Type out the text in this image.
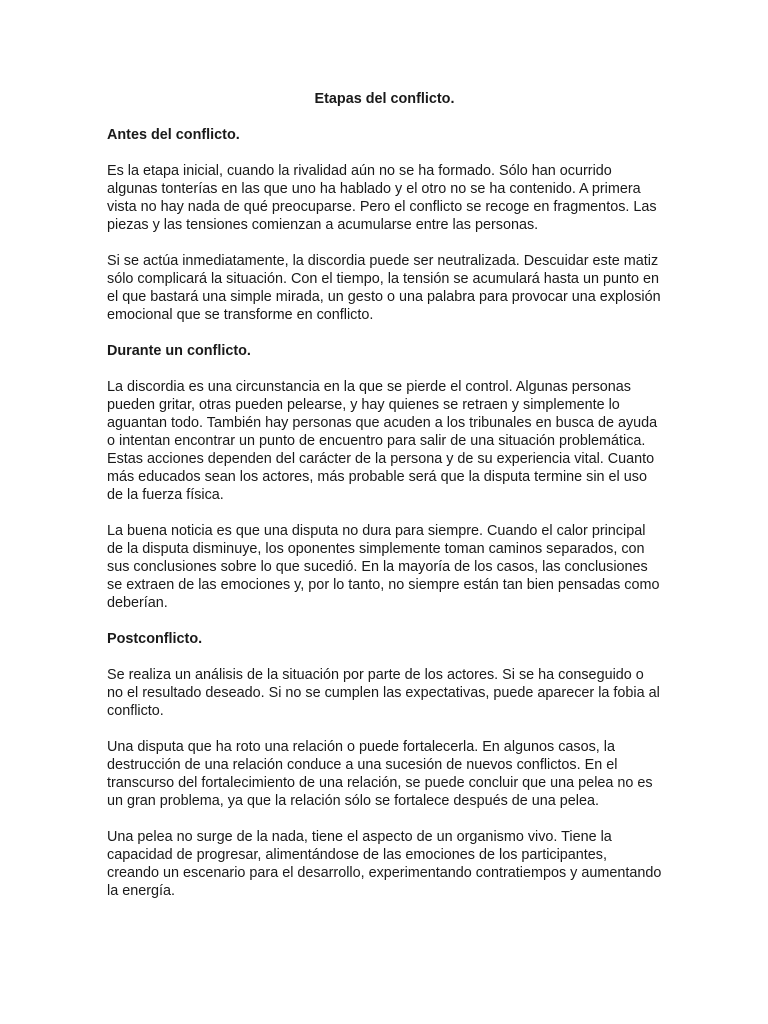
Etapas del conflicto.
Antes del conflicto.

Es la etapa inicial, cuando la rivalidad aún no se ha formado. Sólo han ocurrido algunas tonterías en las que uno ha hablado y el otro no se ha contenido. A primera vista no hay nada de qué preocuparse. Pero el conflicto se recoge en fragmentos. Las piezas y las tensiones comienzan a acumularse entre las personas.

Si se actúa inmediatamente, la discordia puede ser neutralizada. Descuidar este matiz sólo complicará la situación. Con el tiempo, la tensión se acumulará hasta un punto en el que bastará una simple mirada, un gesto o una palabra para provocar una explosión emocional que se transforme en conflicto.

Durante un conflicto.

La discordia es una circunstancia en la que se pierde el control. Algunas personas pueden gritar, otras pueden pelearse, y hay quienes se retraen y simplemente lo aguantan todo. También hay personas que acuden a los tribunales en busca de ayuda o intentan encontrar un punto de encuentro para salir de una situación problemática. Estas acciones dependen del carácter de la persona y de su experiencia vital. Cuanto más educados sean los actores, más probable será que la disputa termine sin el uso de la fuerza física.

La buena noticia es que una disputa no dura para siempre. Cuando el calor principal de la disputa disminuye, los oponentes simplemente toman caminos separados, con sus conclusiones sobre lo que sucedió. En la mayoría de los casos, las conclusiones se extraen de las emociones y, por lo tanto, no siempre están tan bien pensadas como deberían.

Postconflicto.

Se realiza un análisis de la situación por parte de los actores. Si se ha conseguido o no el resultado deseado. Si no se cumplen las expectativas, puede aparecer la fobia al conflicto.

Una disputa que ha roto una relación o puede fortalecerla. En algunos casos, la destrucción de una relación conduce a una sucesión de nuevos conflictos. En el transcurso del fortalecimiento de una relación, se puede concluir que una pelea no es un gran problema, ya que la relación sólo se fortalece después de una pelea.

Una pelea no surge de la nada, tiene el aspecto de un organismo vivo. Tiene la capacidad de progresar, alimentándose de las emociones de los participantes, creando un escenario para el desarrollo, experimentando contratiempos y aumentando la energía.
